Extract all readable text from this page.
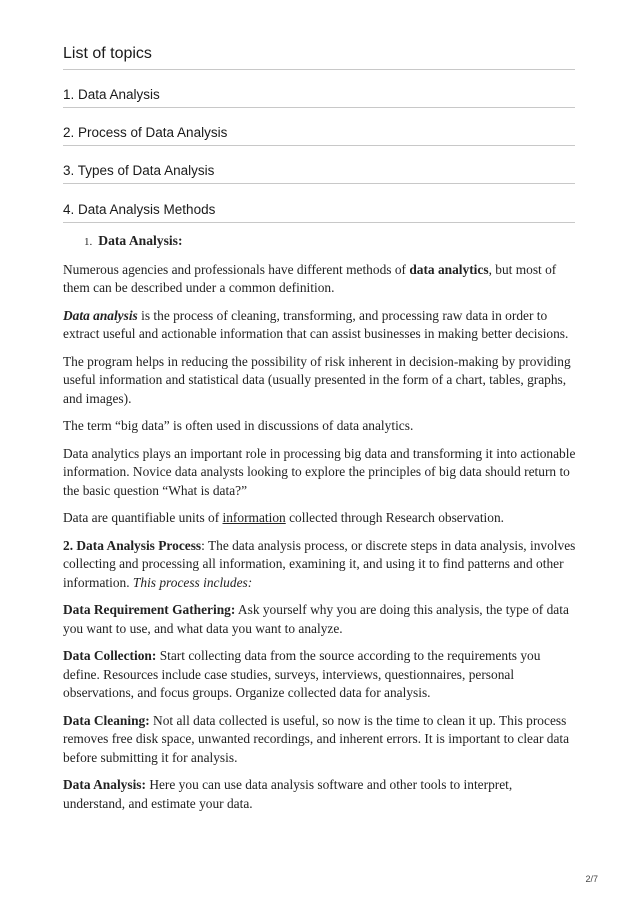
List of topics
1. Data Analysis
2. Process of Data Analysis
3. Types of Data Analysis
4. Data Analysis Methods
1. Data Analysis:

Numerous agencies and professionals have different methods of data analytics, but most of them can be described under a common definition.

Data analysis is the process of cleaning, transforming, and processing raw data in order to extract useful and actionable information that can assist businesses in making better decisions.

The program helps in reducing the possibility of risk inherent in decision-making by providing useful information and statistical data (usually presented in the form of a chart, tables, graphs, and images).

The term “big data” is often used in discussions of data analytics.

Data analytics plays an important role in processing big data and transforming it into actionable information. Novice data analysts looking to explore the principles of big data should return to the basic question “What is data?”

Data are quantifiable units of information collected through Research observation.

2. Data Analysis Process: The data analysis process, or discrete steps in data analysis, involves collecting and processing all information, examining it, and using it to find patterns and other information. This process includes:

Data Requirement Gathering: Ask yourself why you are doing this analysis, the type of data you want to use, and what data you want to analyze.

Data Collection: Start collecting data from the source according to the requirements you define. Resources include case studies, surveys, interviews, questionnaires, personal observations, and focus groups. Organize collected data for analysis.

Data Cleaning: Not all data collected is useful, so now is the time to clean it up. This process removes free disk space, unwanted recordings, and inherent errors. It is important to clear data before submitting it for analysis.

Data Analysis: Here you can use data analysis software and other tools to interpret, understand, and estimate your data.

2/7
